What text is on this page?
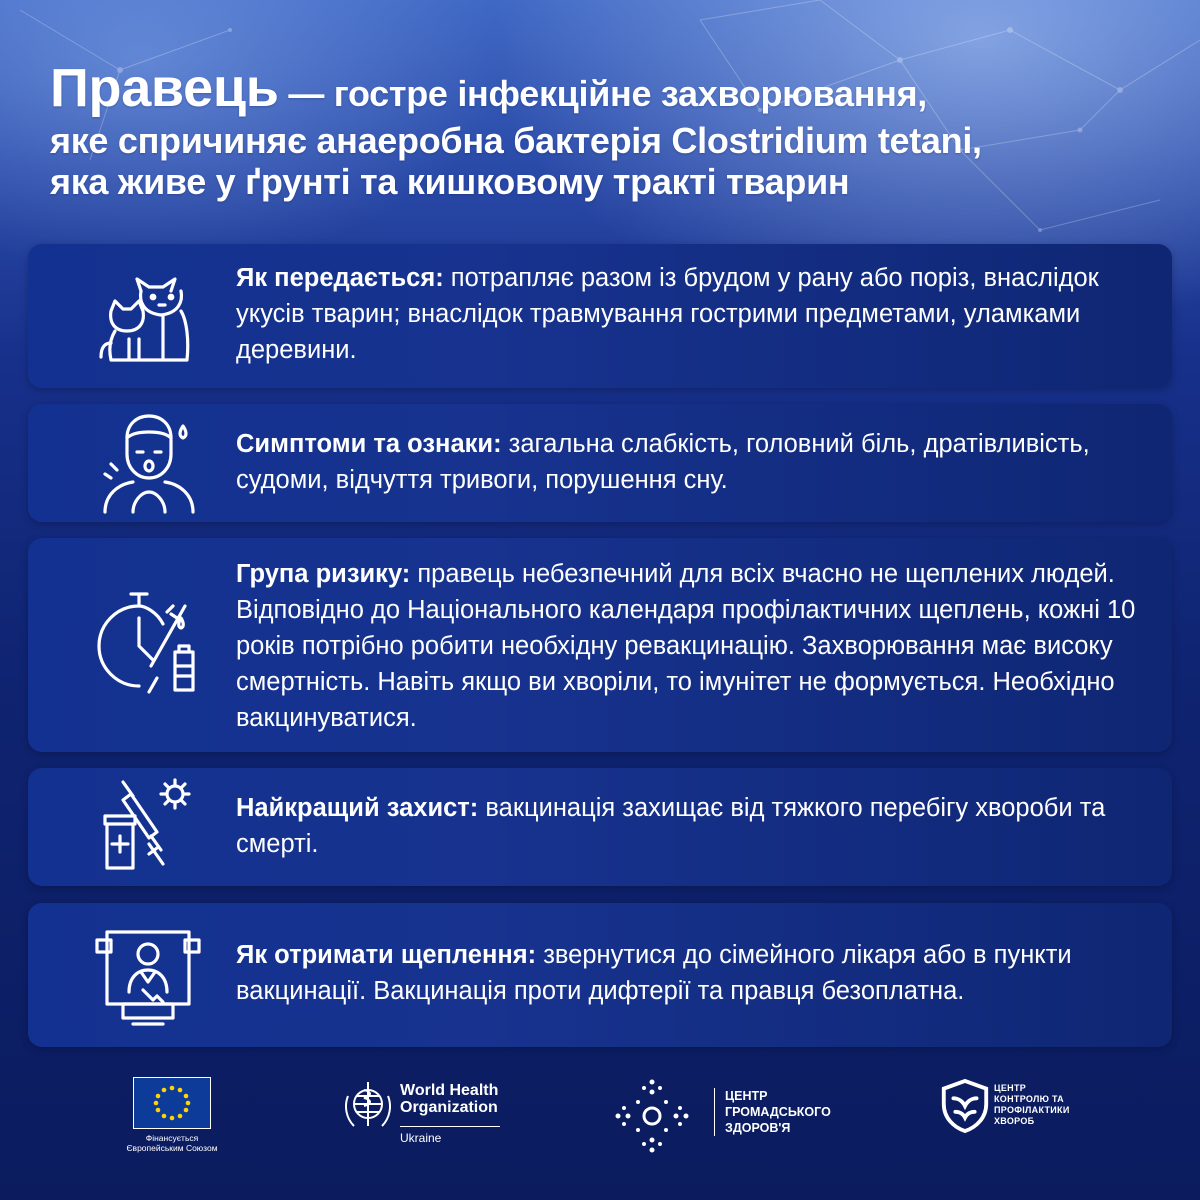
Правець — гостре інфекційне захворювання,
яке спричиняє анаеробна бактерія Clostridium tetani,
яка живе у ґрунті та кишковому тракті тварин
Як передається: потрапляє разом із брудом у рану або поріз, внаслідок укусів тварин; внаслідок травмування гострими предметами, уламками деревини.
Симптоми та ознаки: загальна слабкість, головний біль, дратівливість, судоми, відчуття тривоги, порушення сну.
Група ризику: правець небезпечний для всіх вчасно не щеплених людей. Відповідно до Національного календаря профілактичних щеплень, кожні 10 років потрібно робити необхідну ревакцинацію. Захворювання має високу смертність. Навіть якщо ви хворіли, то імунітет не формується. Необхідно вакцинуватися.
Найкращий захист: вакцинація захищає від тяжкого перебігу хвороби та смерті.
Як отримати щеплення: звернутися до сімейного лікаря або в пункти вакцинації. Вакцинація проти дифтерії та правця безоплатна.
Фінансується
Європейським Союзом
World Health
Organization
Ukraine
ЦЕНТР
ГРОМАДСЬКОГО
ЗДОРОВ'Я
ЦЕНТР
КОНТРОЛЮ ТА
ПРОФІЛАКТИКИ
ХВОРОБ
